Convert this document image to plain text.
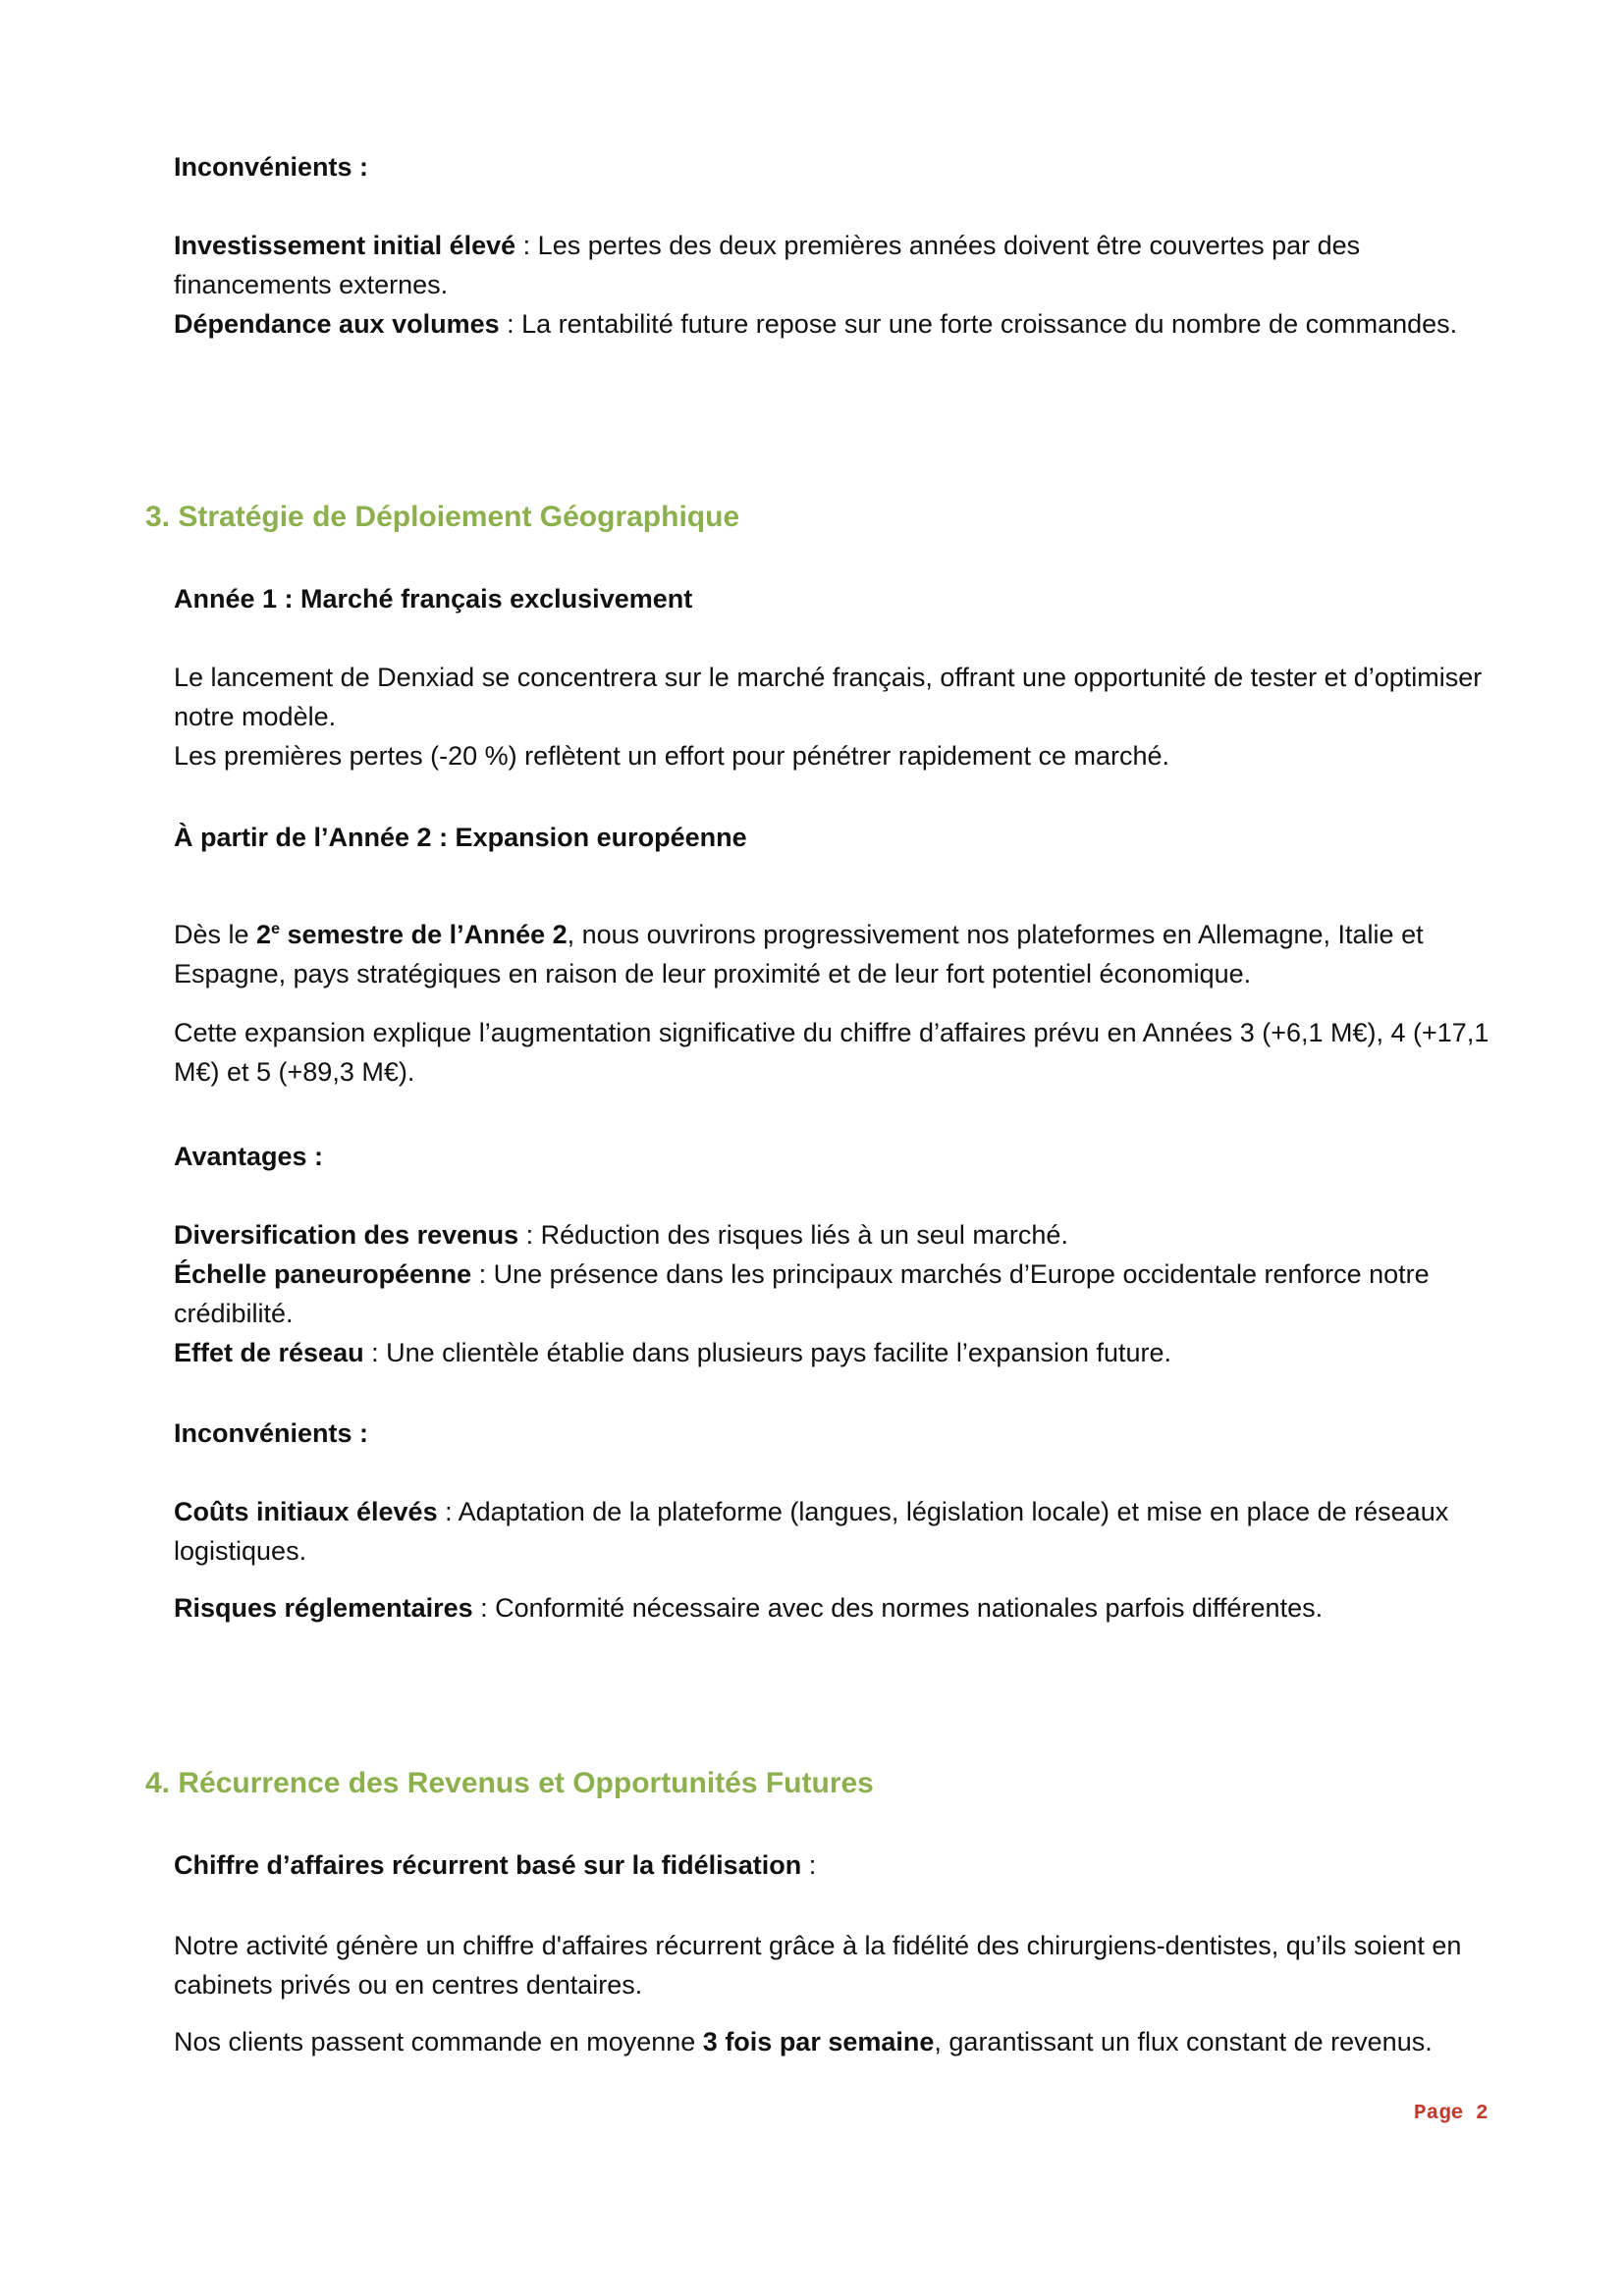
Inconvénients :
Investissement initial élevé : Les pertes des deux premières années doivent être couvertes par des financements externes.
Dépendance aux volumes : La rentabilité future repose sur une forte croissance du nombre de commandes.
3. Stratégie de Déploiement Géographique
Année 1 : Marché français exclusivement
Le lancement de Denxiad se concentrera sur le marché français, offrant une opportunité de tester et d’optimiser notre modèle.
Les premières pertes (-20 %) reflètent un effort pour pénétrer rapidement ce marché.
À partir de l’Année 2 : Expansion européenne
Dès le 2e semestre de l’Année 2, nous ouvrirons progressivement nos plateformes en Allemagne, Italie et Espagne, pays stratégiques en raison de leur proximité et de leur fort potentiel économique.
Cette expansion explique l’augmentation significative du chiffre d’affaires prévu en Années 3 (+6,1 M€), 4 (+17,1 M€) et 5 (+89,3 M€).
Avantages :
Diversification des revenus : Réduction des risques liés à un seul marché.
Échelle paneuropéenne : Une présence dans les principaux marchés d’Europe occidentale renforce notre crédibilité.
Effet de réseau : Une clientèle établie dans plusieurs pays facilite l’expansion future.
Inconvénients :
Coûts initiaux élevés : Adaptation de la plateforme (langues, législation locale) et mise en place de réseaux logistiques.
Risques réglementaires : Conformité nécessaire avec des normes nationales parfois différentes.
4. Récurrence des Revenus et Opportunités Futures
Chiffre d’affaires récurrent basé sur la fidélisation :
Notre activité génère un chiffre d'affaires récurrent grâce à la fidélité des chirurgiens-dentistes, qu’ils soient en cabinets privés ou en centres dentaires.
Nos clients passent commande en moyenne 3 fois par semaine, garantissant un flux constant de revenus.
Page 2
